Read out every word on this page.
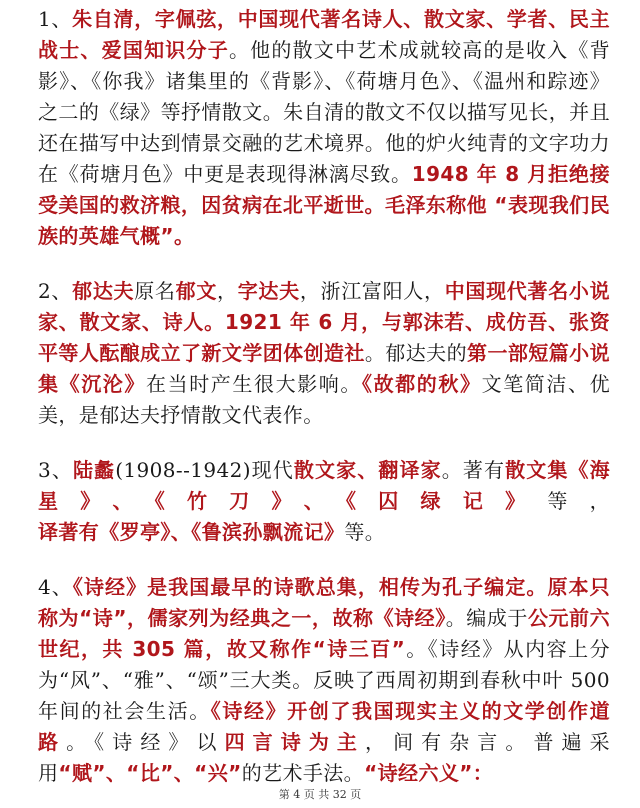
1、朱自清，字佩弦，中国现代著名诗人、散文家、学者、民主战士、爱国知识分子。他的散文中艺术成就较高的是收入《背影》、《你我》诸集里的《背影》、《荷塘月色》、《温州和踪迹》之二的《绿》等抒情散文。朱自清的散文不仅以描写见长，并且还在描写中达到情景交融的艺术境界。他的炉火纯青的文字功力在《荷塘月色》中更是表现得淋漓尽致。1948 年 8 月拒绝接受美国的救济粮，因贫病在北平逝世。毛泽东称他 “表现我们民族的英雄气概”。

2、郁达夫原名郁文，字达夫，浙江富阳人，中国现代著名小说家、散文家、诗人。1921 年 6 月，与郭沫若、成仿吾、张资平等人酝酿成立了新文学团体创造社。郁达夫的第一部短篇小说集《沉沦》在当时产生很大影响。《故都的秋》文笔简洁、优美，是郁达夫抒情散文代表作。

3、陆蠡(1908--1942)现代散文家、翻译家。著有散文集《海星》、《竹刀》、《囚绿记》等，译著有《罗亭》、《鲁滨孙飘流记》等。

4、《诗经》是我国最早的诗歌总集，相传为孔子编定。原本只称为“诗”，儒家列为经典之一，故称《诗经》。编成于公元前六世纪，共 305 篇，故又称作“诗三百”。《诗经》从内容上分为“风”、“雅”、“颂”三大类。反映了西周初期到春秋中叶 500 年间的社会生活。《诗经》开创了我国现实主义的文学创作道路。《诗经》以四言诗为主，间有杂言。普遍采用“赋”、“比”、“兴”的艺术手法。“诗经六义”：

第 4 页 共 32 页
